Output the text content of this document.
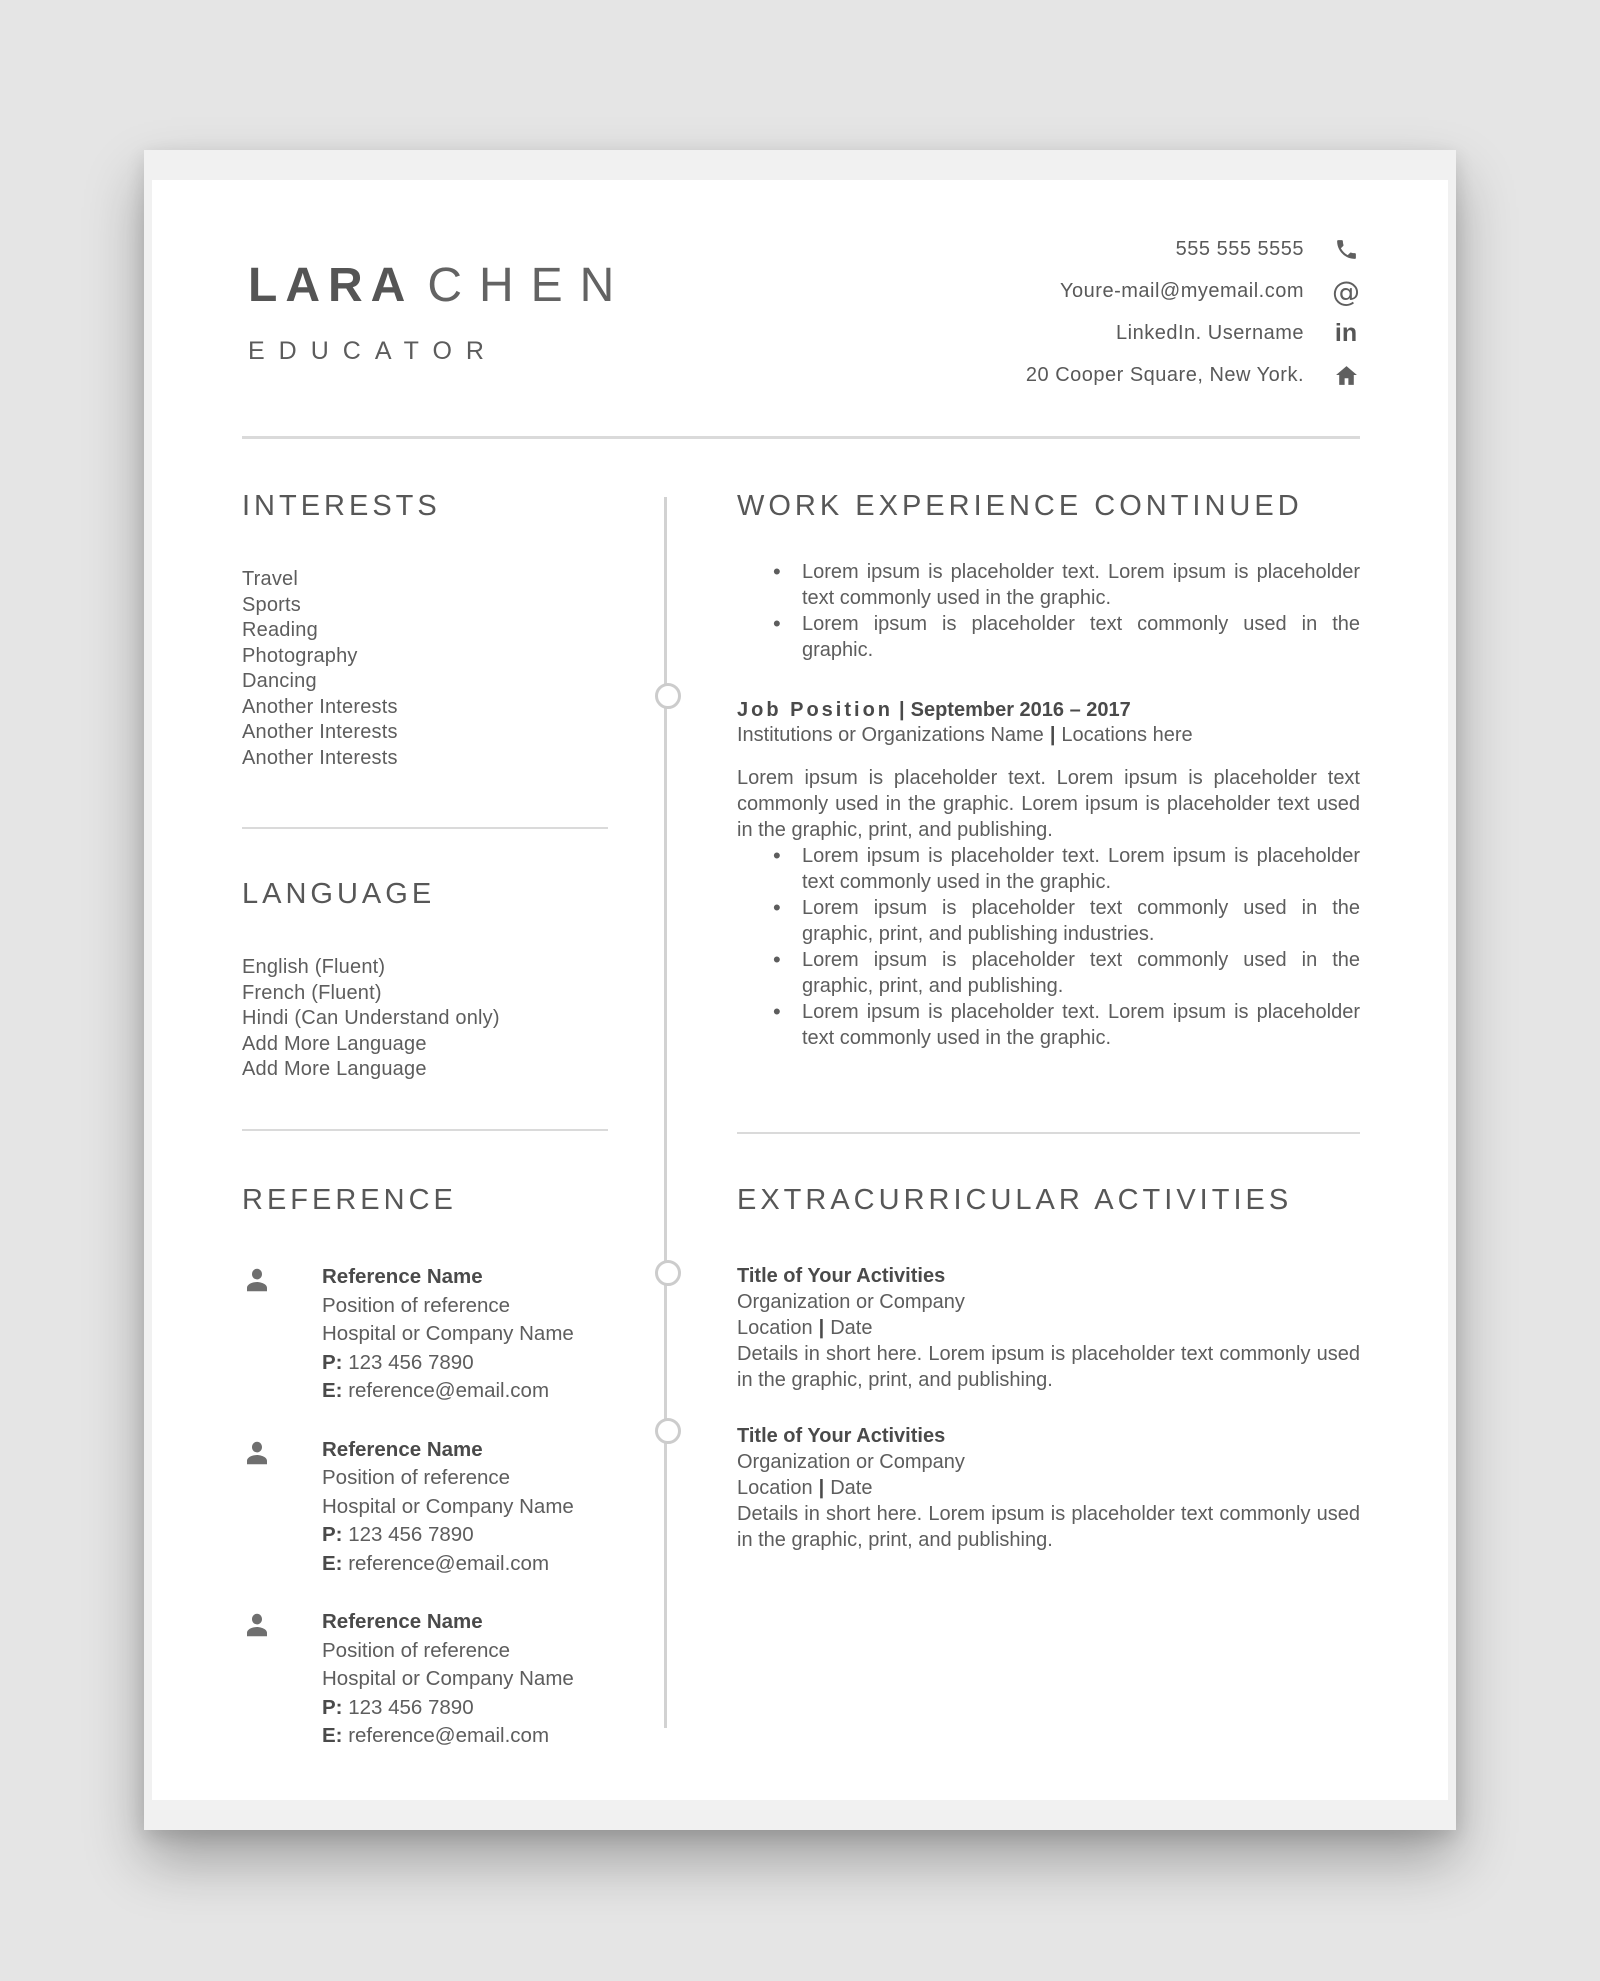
LARA CHEN
EDUCATOR
555 555 5555
Youre-mail@myemail.com @
LinkedIn. Username in
20 Cooper Square, New York.
INTERESTS
Travel
Sports
Reading
Photography
Dancing
Another Interests
Another Interests
Another Interests
LANGUAGE
English (Fluent)
French (Fluent)
Hindi (Can Understand only)
Add More Language
Add More Language
REFERENCE
Reference Name
Position of reference
Hospital or Company Name
P: 123 456 7890
E: reference@email.com
Reference Name
Position of reference
Hospital or Company Name
P: 123 456 7890
E: reference@email.com
Reference Name
Position of reference
Hospital or Company Name
P: 123 456 7890
E: reference@email.com
WORK EXPERIENCE CONTINUED
• Lorem ipsum is placeholder text. Lorem ipsum is placeholder text commonly used in the graphic.
• Lorem ipsum is placeholder text commonly used in the graphic.
Job Position | September 2016 – 2017
Institutions or Organizations Name | Locations here
Lorem ipsum is placeholder text. Lorem ipsum is placeholder text commonly used in the graphic. Lorem ipsum is placeholder text used in the graphic, print, and publishing.
• Lorem ipsum is placeholder text. Lorem ipsum is placeholder text commonly used in the graphic.
• Lorem ipsum is placeholder text commonly used in the graphic, print, and publishing industries.
• Lorem ipsum is placeholder text commonly used in the graphic, print, and publishing.
• Lorem ipsum is placeholder text. Lorem ipsum is placeholder text commonly used in the graphic.
EXTRACURRICULAR ACTIVITIES
Title of Your Activities
Organization or Company
Location | Date
Details in short here. Lorem ipsum is placeholder text commonly used in the graphic, print, and publishing.
Title of Your Activities
Organization or Company
Location | Date
Details in short here. Lorem ipsum is placeholder text commonly used in the graphic, print, and publishing.
